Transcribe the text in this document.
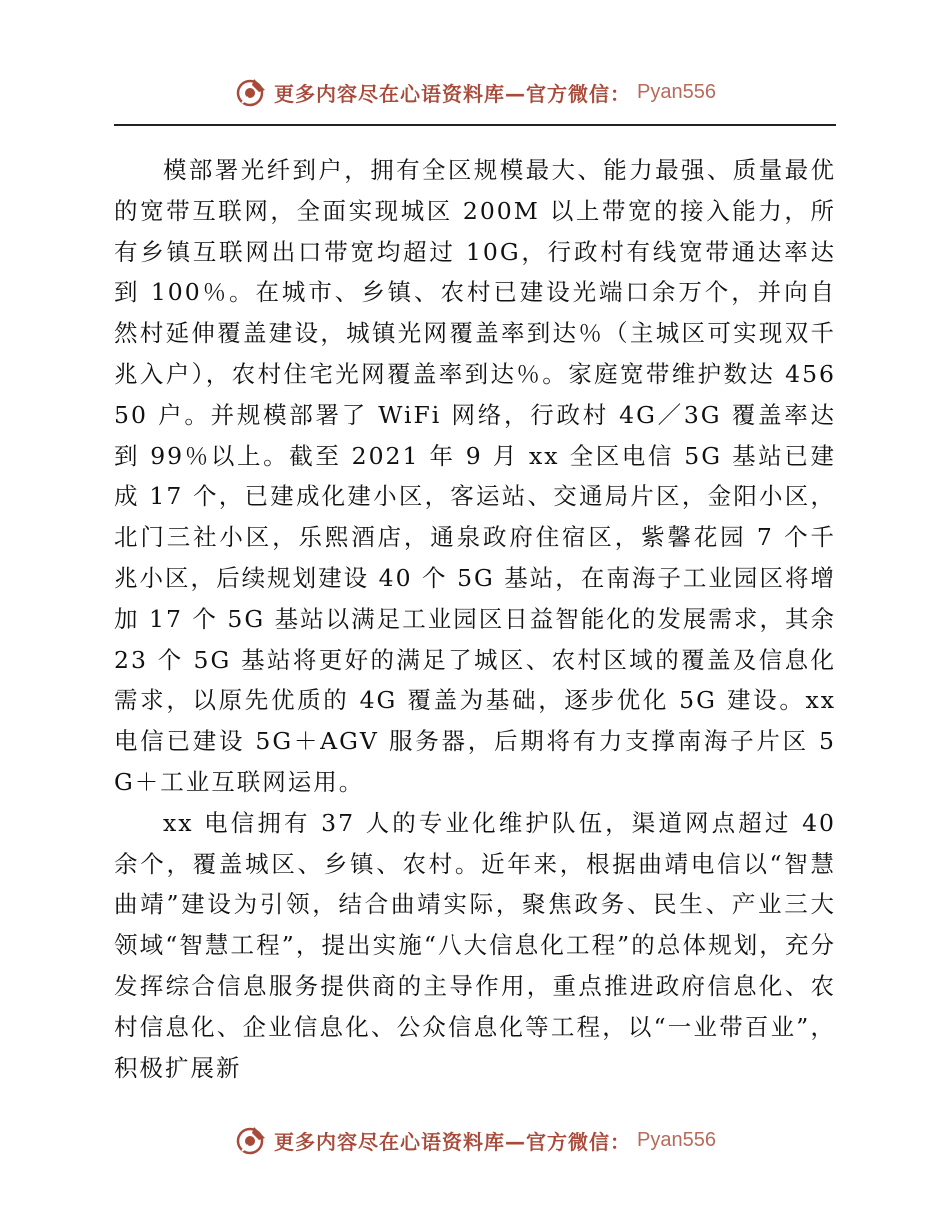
更多内容尽在心语资料库—官方微信： Pyan556

模部署光纤到户，拥有全区规模最大、能力最强、质量最优的宽带互联网，全面实现城区 200M 以上带宽的接入能力，所有乡镇互联网出口带宽均超过 10G，行政村有线宽带通达率达到 100％。在城市、乡镇、农村已建设光端口余万个，并向自然村延伸覆盖建设，城镇光网覆盖率到达％（主城区可实现双千兆入户），农村住宅光网覆盖率到达％。家庭宽带维护数达 45650 户。并规模部署了 WiFi 网络，行政村 4G／3G 覆盖率达到 99％以上。截至 2021 年 9 月 xx 全区电信 5G 基站已建成 17 个，已建成化建小区，客运站、交通局片区，金阳小区，北门三社小区，乐熙酒店，通泉政府住宿区，紫馨花园 7 个千兆小区，后续规划建设 40 个 5G 基站，在南海子工业园区将增加 17 个 5G 基站以满足工业园区日益智能化的发展需求，其余 23 个 5G 基站将更好的满足了城区、农村区域的覆盖及信息化需求，以原先优质的 4G 覆盖为基础，逐步优化 5G 建设。xx 电信已建设 5G＋AGV 服务器，后期将有力支撑南海子片区 5G＋工业互联网运用。

xx 电信拥有 37 人的专业化维护队伍，渠道网点超过 40 余个，覆盖城区、乡镇、农村。近年来，根据曲靖电信以“智慧曲靖”建设为引领，结合曲靖实际，聚焦政务、民生、产业三大领域“智慧工程”，提出实施“八大信息化工程”的总体规划，充分发挥综合信息服务提供商的主导作用，重点推进政府信息化、农村信息化、企业信息化、公众信息化等工程，以“一业带百业”，积极扩展新

更多内容尽在心语资料库—官方微信： Pyan556
